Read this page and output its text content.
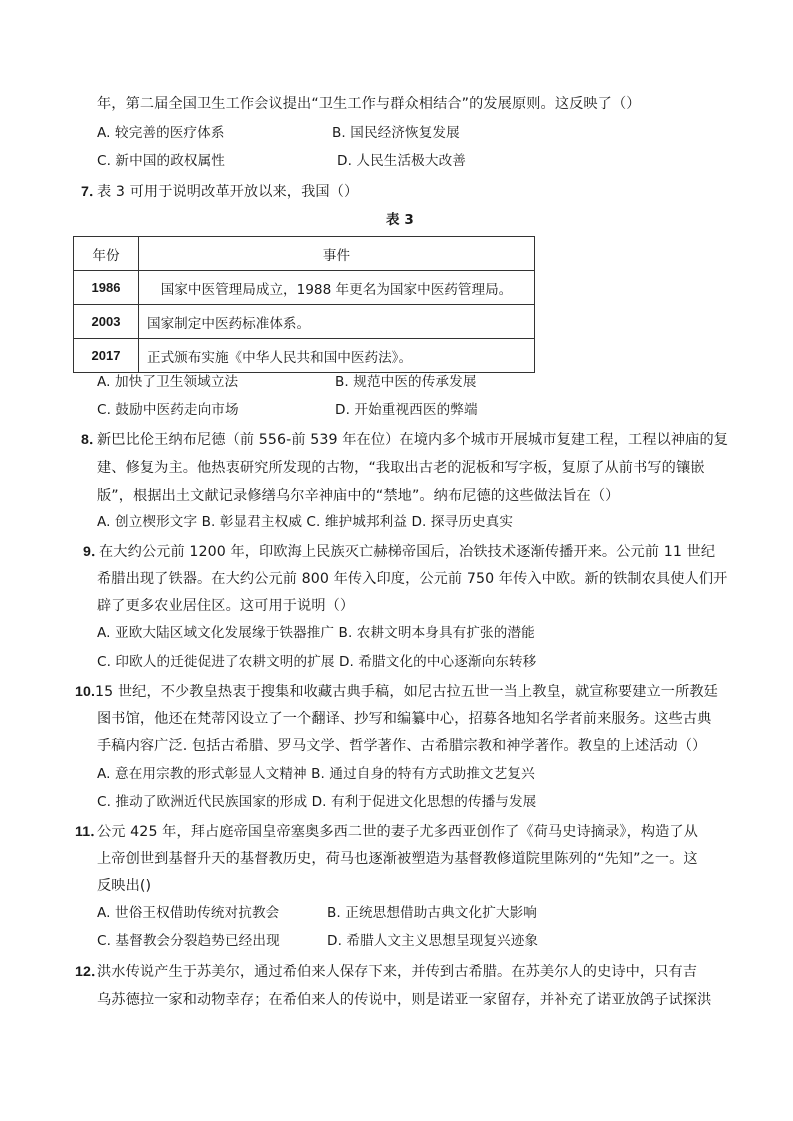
年，第二届全国卫生工作会议提出“卫生工作与群众相结合”的发展原则。这反映了（）
A. 较完善的医疗体系	B. 国民经济恢复发展
C. 新中国的政权属性	D. 人民生活极大改善
7．
表 3 可用于说明改革开放以来，我国（）
表 3
年份	事件
1986	国家中医管理局成立，1988 年更名为国家中医药管理局。
2003	国家制定中医药标准体系。
2017	正式颁布实施《中华人民共和国中医药法》。
A. 加快了卫生领域立法	B. 规范中医的传承发展
C. 鼓励中医药走向市场	D. 开始重视西医的弊端
8．
新巴比伦王纳布尼德（前 556-前 539 年在位）在境内多个城市开展城市复建工程，工程以神庙的复
建、修复为主。他热衷研究所发现的古物，“我取出古老的泥板和写字板，复原了从前书写的镶嵌
版”，根据出土文献记录修缮乌尔辛神庙中的“禁地”。纳布尼德的这些做法旨在（）
A. 创立楔形文字 B. 彰显君主权威 C. 维护城邦利益 D. 探寻历史真实
9．
在大约公元前 1200 年，印欧海上民族灭亡赫梯帝国后，冶铁技术逐渐传播开来。公元前 11 世纪
希腊出现了铁器。在大约公元前 800 年传入印度，公元前 750 年传入中欧。新的铁制农具使人们开
辟了更多农业居住区。这可用于说明（）
A. 亚欧大陆区域文化发展缘于铁器推广 B. 农耕文明本身具有扩张的潜能
C. 印欧人的迁徙促进了农耕文明的扩展 D. 希腊文化的中心逐渐向东转移
10. 15 世纪，不少教皇热衷于搜集和收藏古典手稿，如尼古拉五世一当上教皇，就宣称要建立一所教廷
图书馆，他还在梵蒂冈设立了一个翻译、抄写和编纂中心，招募各地知名学者前来服务。这些古典
手稿内容广泛. 包括古希腊、罗马文学、哲学著作、古希腊宗教和神学著作。教皇的上述活动（）
A. 意在用宗教的形式彰显人文精神 B. 通过自身的特有方式助推文艺复兴
C. 推动了欧洲近代民族国家的形成 D. 有利于促进文化思想的传播与发展
11．
公元 425 年，拜占庭帝国皇帝塞奥多西二世的妻子尤多西亚创作了《荷马史诗摘录》，构造了从
上帝创世到基督升天的基督教历史，荷马也逐渐被塑造为基督教修道院里陈列的“先知”之一。这
反映出()
A. 世俗王权借助传统对抗教会	B. 正统思想借助古典文化扩大影响
C. 基督教会分裂趋势已经出现	D. 希腊人文主义思想呈现复兴迹象
12．
洪水传说产生于苏美尔，通过希伯来人保存下来，并传到古希腊。在苏美尔人的史诗中，只有吉
乌苏德拉一家和动物幸存；在希伯来人的传说中，则是诺亚一家留存，并补充了诺亚放鸽子试探洪
